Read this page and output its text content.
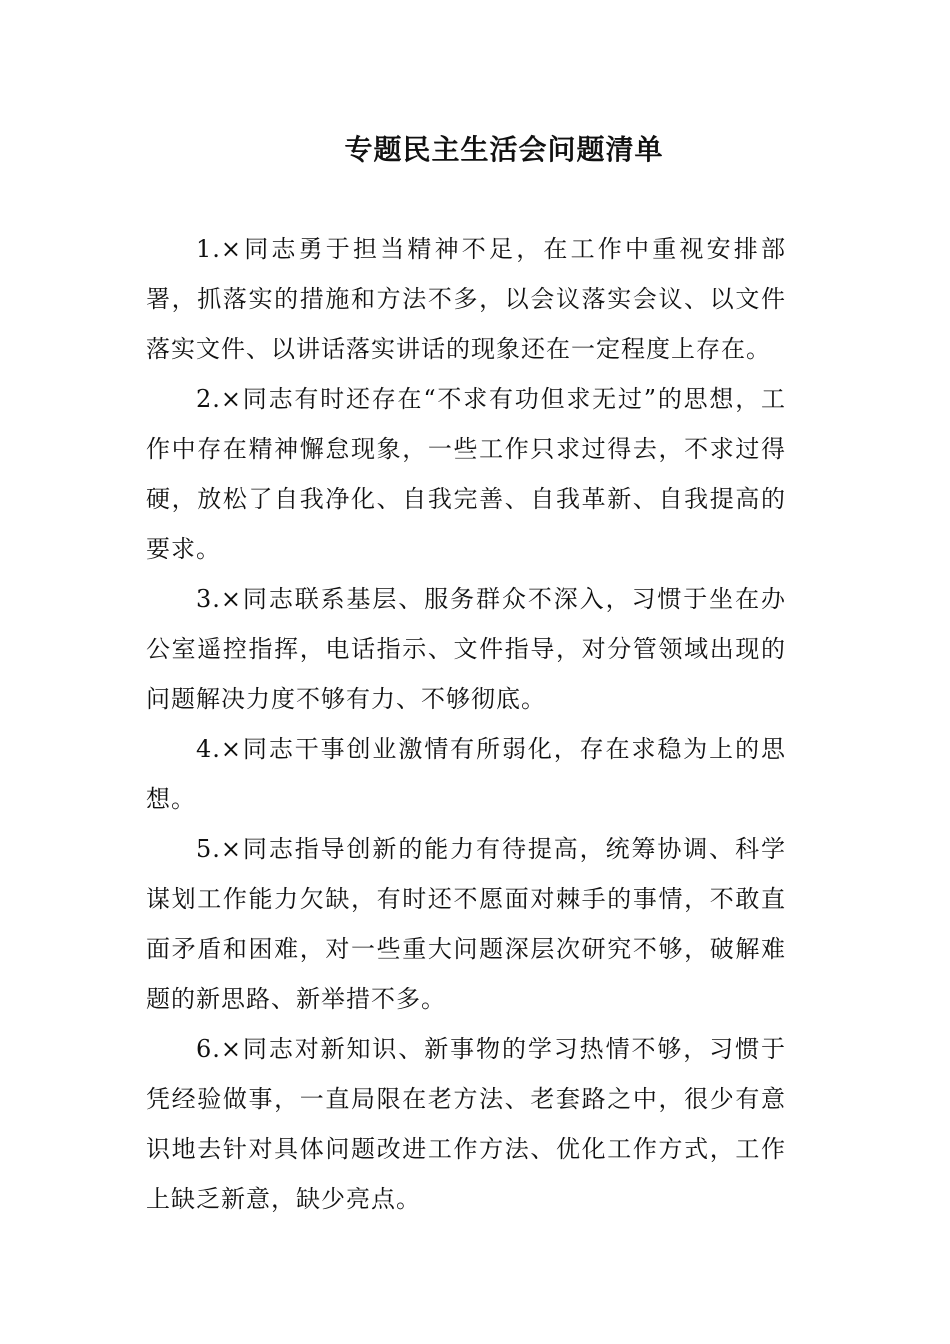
专题民主生活会问题清单

1.×同志勇于担当精神不足，在工作中重视安排部署，抓落实的措施和方法不多，以会议落实会议、以文件落实文件、以讲话落实讲话的现象还在一定程度上存在。

2.×同志有时还存在“不求有功但求无过”的思想，工作中存在精神懈怠现象，一些工作只求过得去，不求过得硬，放松了自我净化、自我完善、自我革新、自我提高的要求。

3.×同志联系基层、服务群众不深入，习惯于坐在办公室遥控指挥，电话指示、文件指导，对分管领域出现的问题解决力度不够有力、不够彻底。

4.×同志干事创业激情有所弱化，存在求稳为上的思想。

5.×同志指导创新的能力有待提高，统筹协调、科学谋划工作能力欠缺，有时还不愿面对棘手的事情，不敢直面矛盾和困难，对一些重大问题深层次研究不够，破解难题的新思路、新举措不多。

6.×同志对新知识、新事物的学习热情不够，习惯于凭经验做事，一直局限在老方法、老套路之中，很少有意识地去针对具体问题改进工作方法、优化工作方式，工作上缺乏新意，缺少亮点。
